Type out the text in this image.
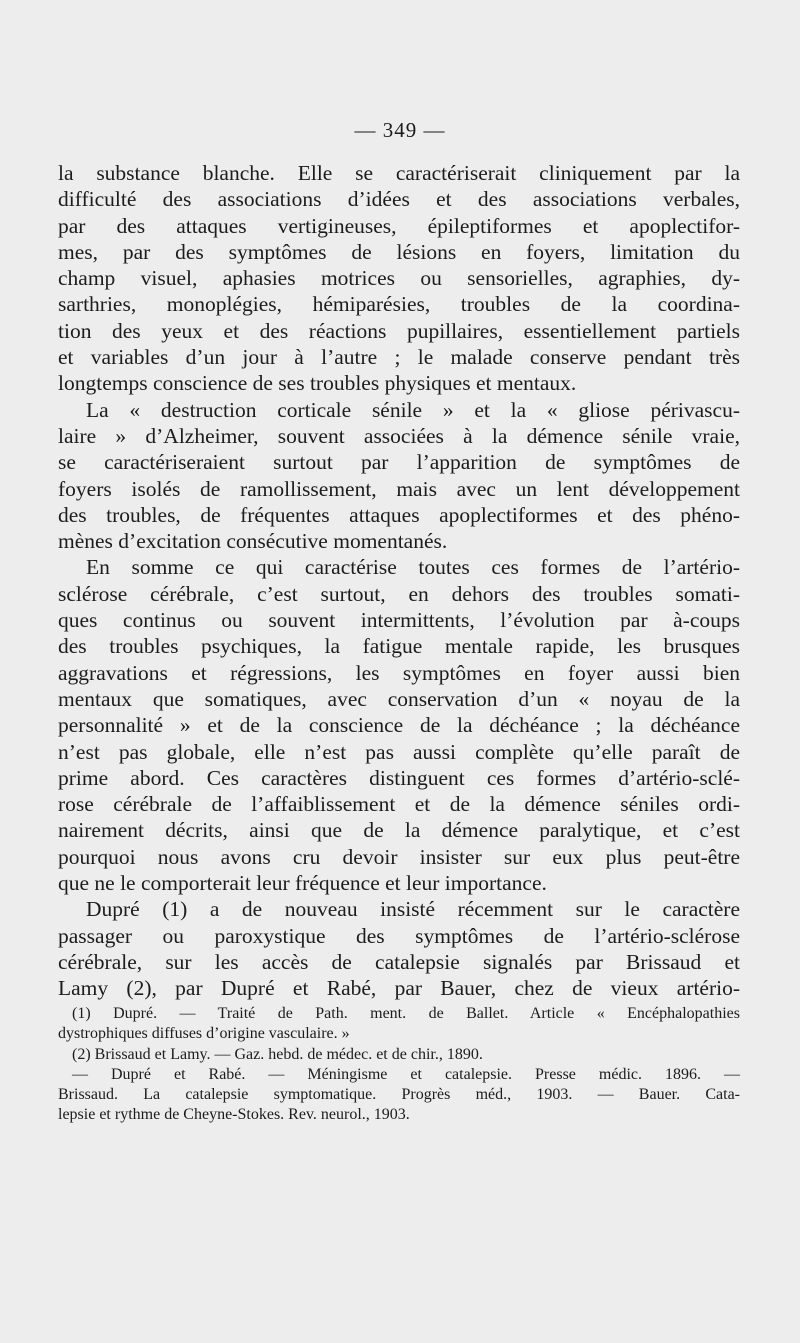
— 349 —
la substance blanche. Elle se caractériserait cliniquement par la
difficulté des associations d’idées et des associations verbales,
par des attaques vertigineuses, épileptiformes et apoplectifor-
mes, par des symptômes de lésions en foyers, limitation du
champ visuel, aphasies motrices ou sensorielles, agraphies, dy-
sarthries, monoplégies, hémiparésies, troubles de la coordina-
tion des yeux et des réactions pupillaires, essentiellement partiels
et variables d’un jour à l’autre ; le malade conserve pendant très
longtemps conscience de ses troubles physiques et mentaux.
La « destruction corticale sénile » et la « gliose périvascu-
laire » d’Alzheimer, souvent associées à la démence sénile vraie,
se caractériseraient surtout par l’apparition de symptômes de
foyers isolés de ramollissement, mais avec un lent développement
des troubles, de fréquentes attaques apoplectiformes et des phéno-
mènes d’excitation consécutive momentanés.
En somme ce qui caractérise toutes ces formes de l’artério-
sclérose cérébrale, c’est surtout, en dehors des troubles somati-
ques continus ou souvent intermittents, l’évolution par à-coups
des troubles psychiques, la fatigue mentale rapide, les brusques
aggravations et régressions, les symptômes en foyer aussi bien
mentaux que somatiques, avec conservation d’un « noyau de la
personnalité » et de la conscience de la déchéance ; la déchéance
n’est pas globale, elle n’est pas aussi complète qu’elle paraît de
prime abord. Ces caractères distinguent ces formes d’artério-sclé-
rose cérébrale de l’affaiblissement et de la démence séniles ordi-
nairement décrits, ainsi que de la démence paralytique, et c’est
pourquoi nous avons cru devoir insister sur eux plus peut-être
que ne le comporterait leur fréquence et leur importance.
Dupré (1) a de nouveau insisté récemment sur le caractère
passager ou paroxystique des symptômes de l’artério-sclérose
cérébrale, sur les accès de catalepsie signalés par Brissaud et
Lamy (2), par Dupré et Rabé, par Bauer, chez de vieux artério-
(1) Dupré. — Traité de Path. ment. de Ballet. Article « Encéphalopathies
dystrophiques diffuses d’origine vasculaire. »
(2) Brissaud et Lamy. — Gaz. hebd. de médec. et de chir., 1890.
— Dupré et Rabé. — Méningisme et catalepsie. Presse médic. 1896. —
Brissaud. La catalepsie symptomatique. Progrès méd., 1903. — Bauer. Cata-
lepsie et rythme de Cheyne-Stokes. Rev. neurol., 1903.
